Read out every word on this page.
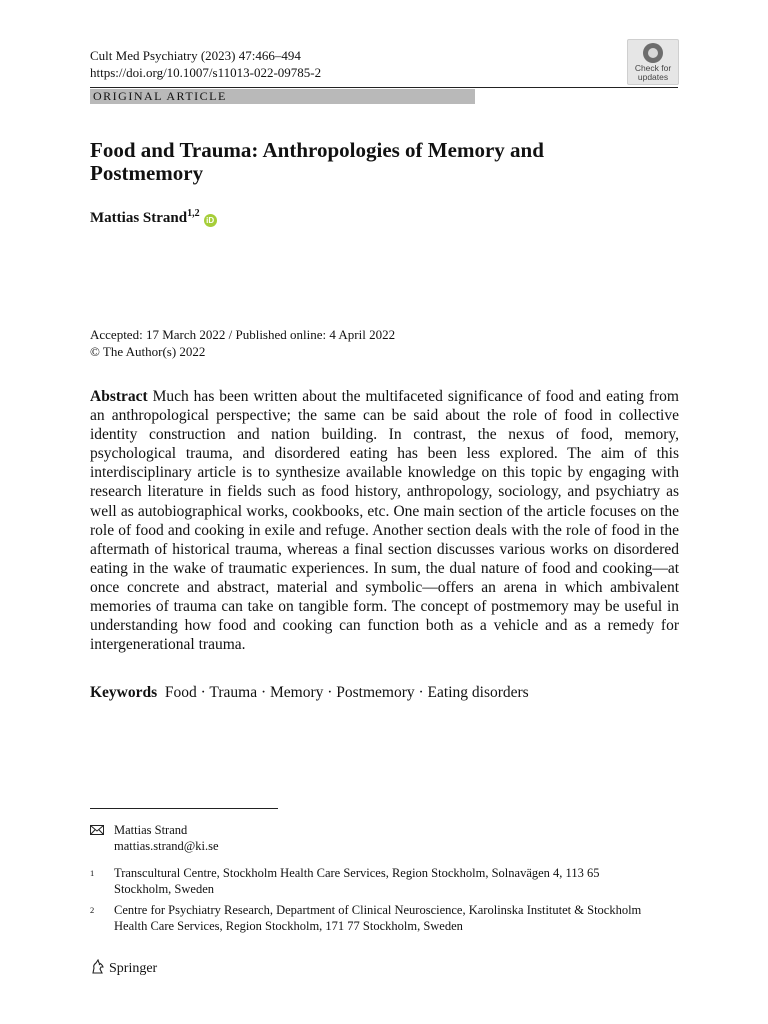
Cult Med Psychiatry (2023) 47:466–494
https://doi.org/10.1007/s11013-022-09785-2	Check for
updates
ORIGINAL ARTICLE
Food and Trauma: Anthropologies of Memory and Postmemory
Mattias Strand$^{1,2}$iD
Accepted: 17 March 2022 / Published online: 4 April 2022
© The Author(s) 2022

Abstract Much has been written about the multifaceted significance of food and eating from an anthropological perspective; the same can be said about the role of food in collective identity construction and nation building. In contrast, the nexus of food, memory, psychological trauma, and disordered eating has been less explored. The aim of this interdisciplinary article is to synthesize available knowledge on this topic by engaging with research literature in fields such as food history, anthropology, sociology, and psychiatry as well as autobiographical works, cookbooks, etc. One main section of the article focuses on the role of food and cooking in exile and refuge. Another section deals with the role of food in the aftermath of historical trauma, whereas a final section discusses various works on disordered eating in the wake of traumatic experiences. In sum, the dual nature of food and cooking—at once concrete and abstract, material and symbolic—offers an arena in which ambivalent memories of trauma can take on tangible form. The concept of postmemory may be useful in understanding how food and cooking can function both as a vehicle and as a remedy for intergenerational trauma.

Keywords Food · Trauma · Memory · Postmemory · Eating disorders
Mattias Strand
mattias.strand@ki.se
1	Transcultural Centre, Stockholm Health Care Services, Region Stockholm, Solnavägen 4, 113 65 Stockholm, Sweden
2	Centre for Psychiatry Research, Department of Clinical Neuroscience, Karolinska Institutet & Stockholm Health Care Services, Region Stockholm, 171 77 Stockholm, Sweden
Springer
